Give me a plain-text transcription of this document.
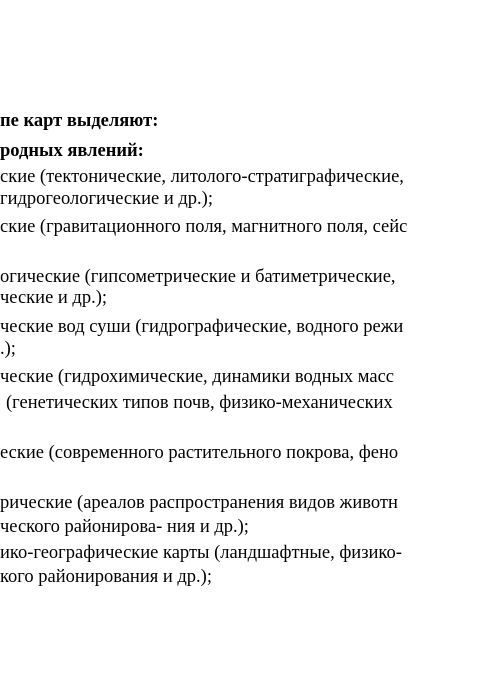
пе карт выделяют:
родных явлений:
ские (тектонические, литолого-стратиграфические,
гидрогеологические и др.);
ские (гравитационного поля, магнитного поля, сейс
огические (гипсометрические и батиметрические,
ческие и др.);
ческие вод суши (гидрографические, водного режи
.);
ческие (гидрохимические, динамики водных масс
(генетических типов почв, физико-механических
еские (современного растительного покрова, фено
рические (ареалов распространения видов животн
ческого районирова- ния и др.);
ико-географические карты (ландшафтные, физико-
кого районирования и др.);
